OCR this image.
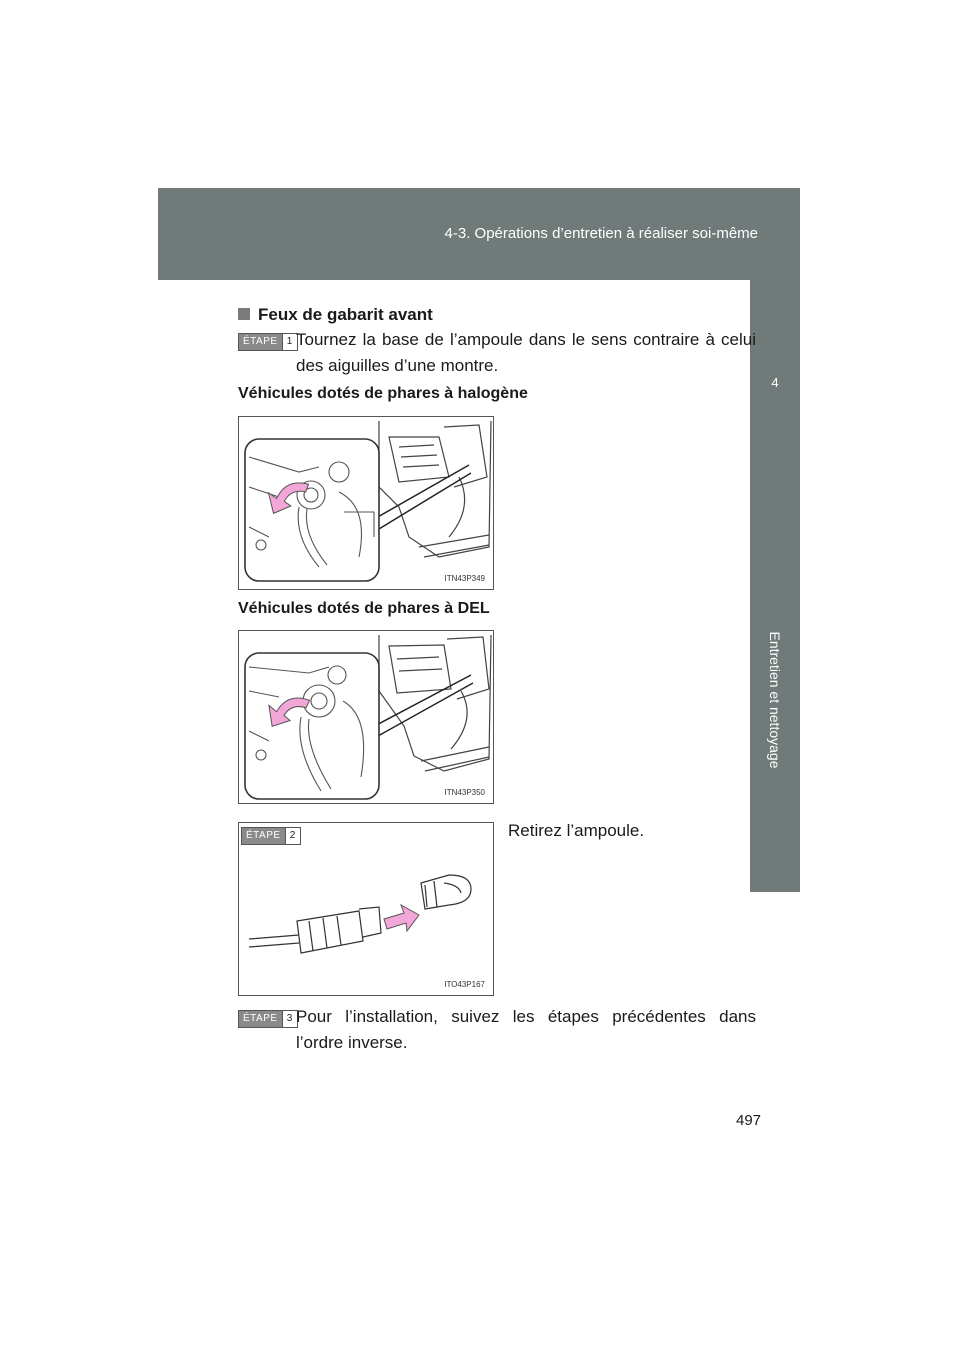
4-3. Opérations d’entretien à réaliser soi-même
4
Entretien et nettoyage
Feux de gabarit avant
ÉTAPE 1 Tournez la base de l’ampoule dans le sens contraire à celui des aiguilles d’une montre.
Véhicules dotés de phares à halogène
ITN43P349
Véhicules dotés de phares à DEL
ITN43P350
ÉTAPE 2
ITO43P167
Retirez l’ampoule.
ÉTAPE 3 Pour l’installation, suivez les étapes précédentes dans l’ordre inverse.
497
